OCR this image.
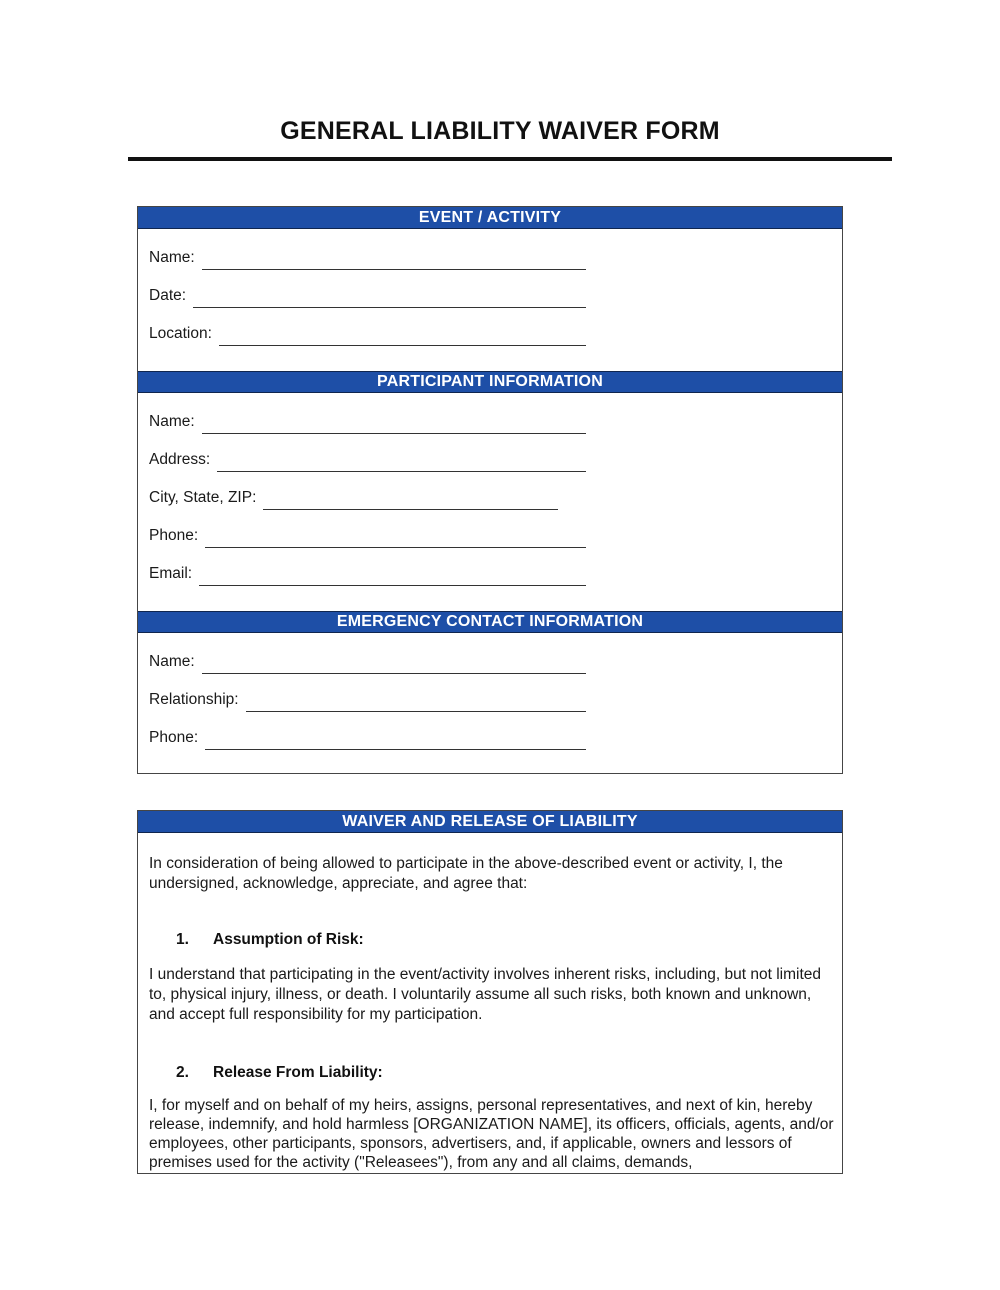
GENERAL LIABILITY WAIVER FORM
EVENT / ACTIVITY
Name:
Date:
Location:
PARTICIPANT INFORMATION
Name:
Address:
City, State, ZIP:
Phone:
Email:
EMERGENCY CONTACT INFORMATION
Name:
Relationship:
Phone:
WAIVER AND RELEASE OF LIABILITY

In consideration of being allowed to participate in the above-described event or activity, I, the undersigned, acknowledge, appreciate, and agree that:

1.	Assumption of Risk:

I understand that participating in the event/activity involves inherent risks, including, but not limited to, physical injury, illness, or death. I voluntarily assume all such risks, both known and unknown, and accept full responsibility for my participation.

2.	Release From Liability:

I, for myself and on behalf of my heirs, assigns, personal representatives, and next of kin, hereby release, indemnify, and hold harmless [ORGANIZATION NAME], its officers, officials, agents, and/or employees, other participants, sponsors, advertisers, and, if applicable, owners and lessors of premises used for the activity ("Releasees"), from any and all claims, demands,
